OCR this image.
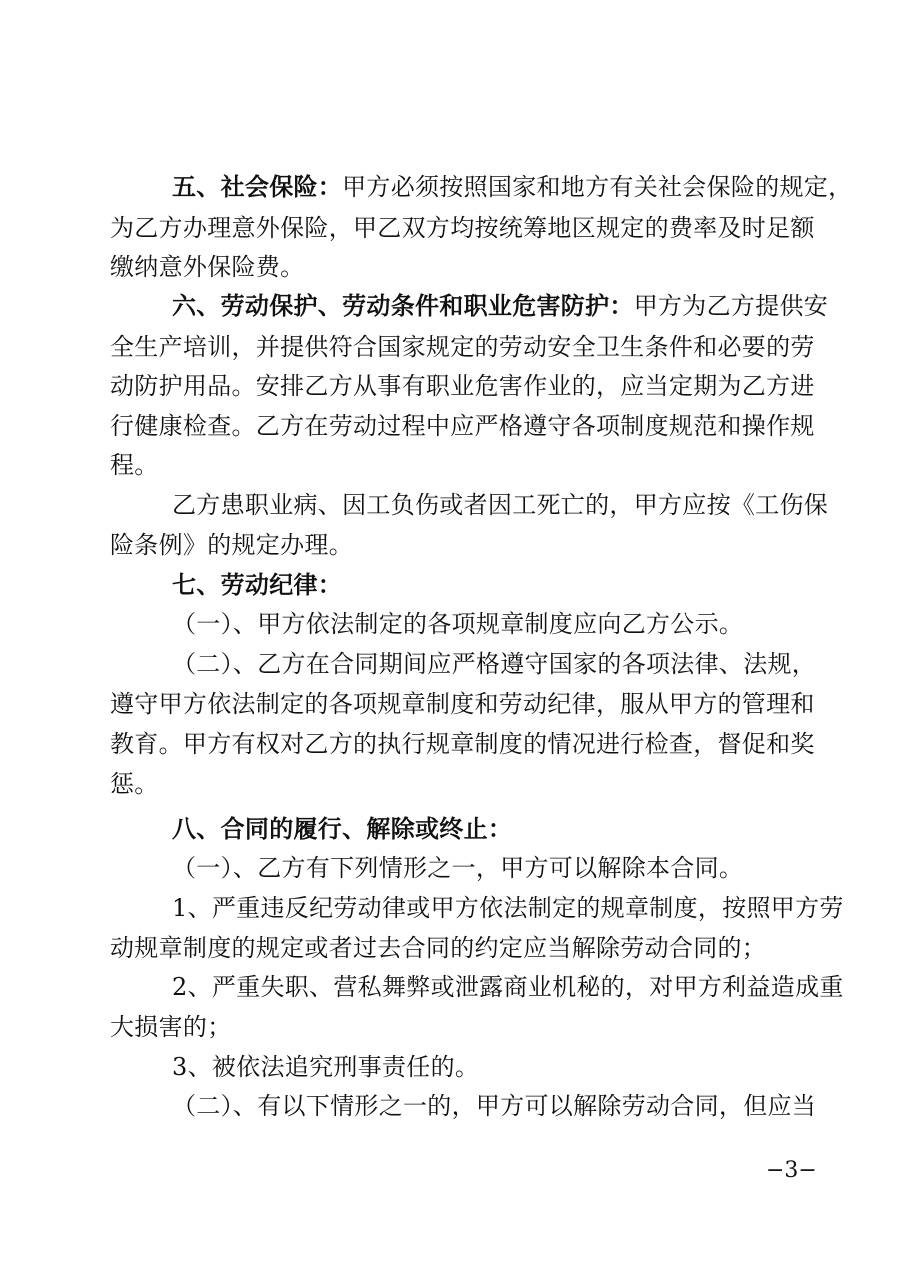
五、社会保险：甲方必须按照国家和地方有关社会保险的规定，
为乙方办理意外保险，甲乙双方均按统筹地区规定的费率及时足额
缴纳意外保险费。
六、劳动保护、劳动条件和职业危害防护：甲方为乙方提供安
全生产培训，并提供符合国家规定的劳动安全卫生条件和必要的劳
动防护用品。安排乙方从事有职业危害作业的，应当定期为乙方进
行健康检查。乙方在劳动过程中应严格遵守各项制度规范和操作规
程。
乙方患职业病、因工负伤或者因工死亡的，甲方应按《工伤保
险条例》的规定办理。
七、劳动纪律：
（一）、甲方依法制定的各项规章制度应向乙方公示。
（二）、乙方在合同期间应严格遵守国家的各项法律、法规，
遵守甲方依法制定的各项规章制度和劳动纪律，服从甲方的管理和
教育。甲方有权对乙方的执行规章制度的情况进行检查，督促和奖
惩。
八、合同的履行、解除或终止：
（一）、乙方有下列情形之一，甲方可以解除本合同。
1、严重违反纪劳动律或甲方依法制定的规章制度，按照甲方劳
动规章制度的规定或者过去合同的约定应当解除劳动合同的；
2、严重失职、营私舞弊或泄露商业机秘的，对甲方利益造成重
大损害的；
3、被依法追究刑事责任的。
（二）、有以下情形之一的，甲方可以解除劳动合同，但应当
−3−
